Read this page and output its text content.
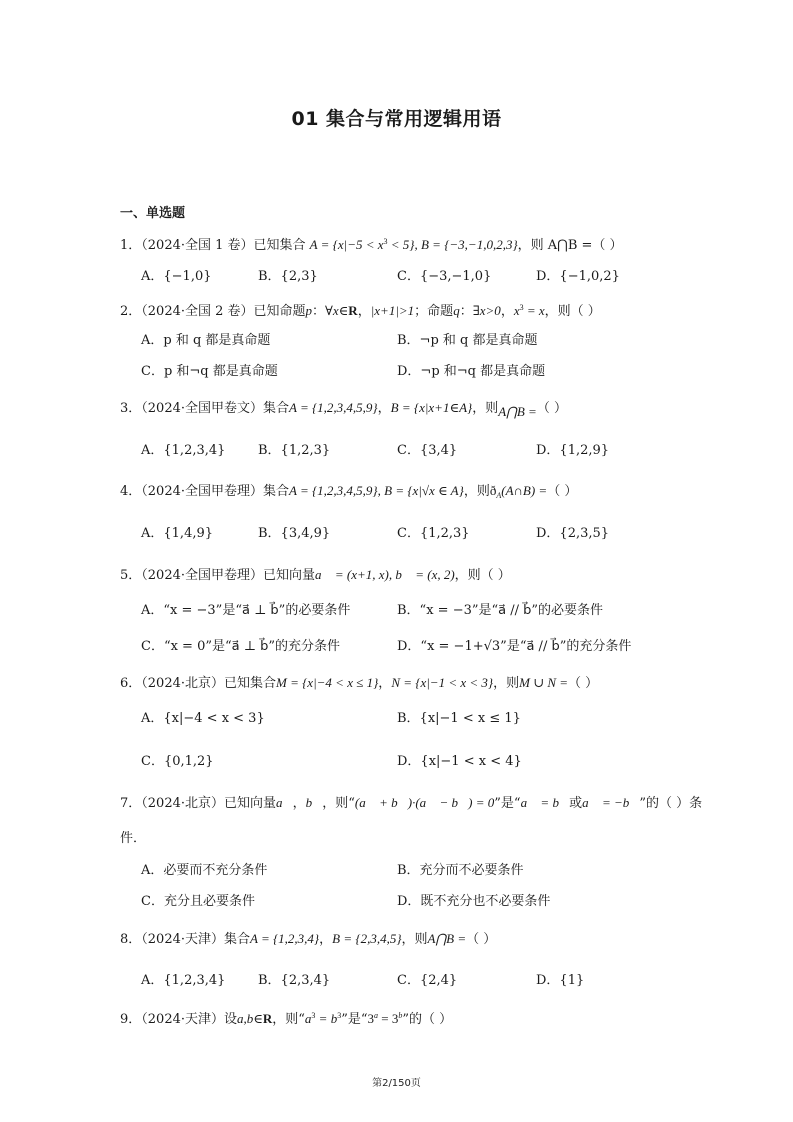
01 集合与常用逻辑用语
一、单选题
1．（2024·全国 1 卷）已知集合 $A = \{x|-5 < x^3 < 5\}$, B = {−3,−1,0,2,3}，则 A⋂B =（ ）
A．{−1,0}	B．{2,3}	C．{−3,−1,0}	D．{−1,0,2}
2．（2024·全国 2 卷）已知命题p：∀x∈R，|x+1|>1；命题q：∃x>0，$x^3 = x$，则（ ）
A．p 和 q 都是真命题	B．¬p 和 q 都是真命题
C．p 和¬q 都是真命题	D．¬p 和¬q 都是真命题
3．（2024·全国甲卷文）集合A = {1,2,3,4,5,9}，B = {x|x+1∈A}，则A⋂B =（ ）
A．{1,2,3,4}	B．{1,2,3}	C．{3,4}	D．{1,2,9}
4．（2024·全国甲卷理）集合A = {1,2,3,4,5,9}, B = {x|√x ∈ A}，则$ð_A(A\cap B)$ =（ ）
A．{1,4,9}	B．{3,4,9}	C．{1,2,3}	D．{2,3,5}
5．（2024·全国甲卷理）已知向量a⃗ = (x+1, x), b⃗ = (x, 2)，则（ ）
A．“x = −3”是“a⃗ ⊥ b⃗”的必要条件	B．“x = −3”是“a⃗ // b⃗”的必要条件
C．“x = 0”是“a⃗ ⊥ b⃗”的充分条件	D．“x = −1+√3”是“a⃗ // b⃗”的充分条件
6．（2024·北京）已知集合M = {x|−4 < x ≤ 1}，N = {x|−1 < x < 3}，则M ∪ N =（ ）
A．{x|−4 < x < 3}	B．{x|−1 < x ≤ 1}
C．{0,1,2}	D．{x|−1 < x < 4}
7．（2024·北京）已知向量a⃗，b⃗，则“(a⃗ + b⃗)·(a⃗ − b⃗) = 0”是“a⃗ = b⃗或a⃗ = −b⃗”的（ ）条
件．
A．必要而不充分条件	B．充分而不必要条件
C．充分且必要条件	D．既不充分也不必要条件
8．（2024·天津）集合A = {1,2,3,4}，B = {2,3,4,5}，则A⋂B =（ ）
A．{1,2,3,4}	B．{2,3,4}	C．{2,4}	D．{1}
9．（2024·天津）设a,b∈R，则“$a^3 = b^3$”是“$3^a = 3^b$”的（ ）
第2/150页
